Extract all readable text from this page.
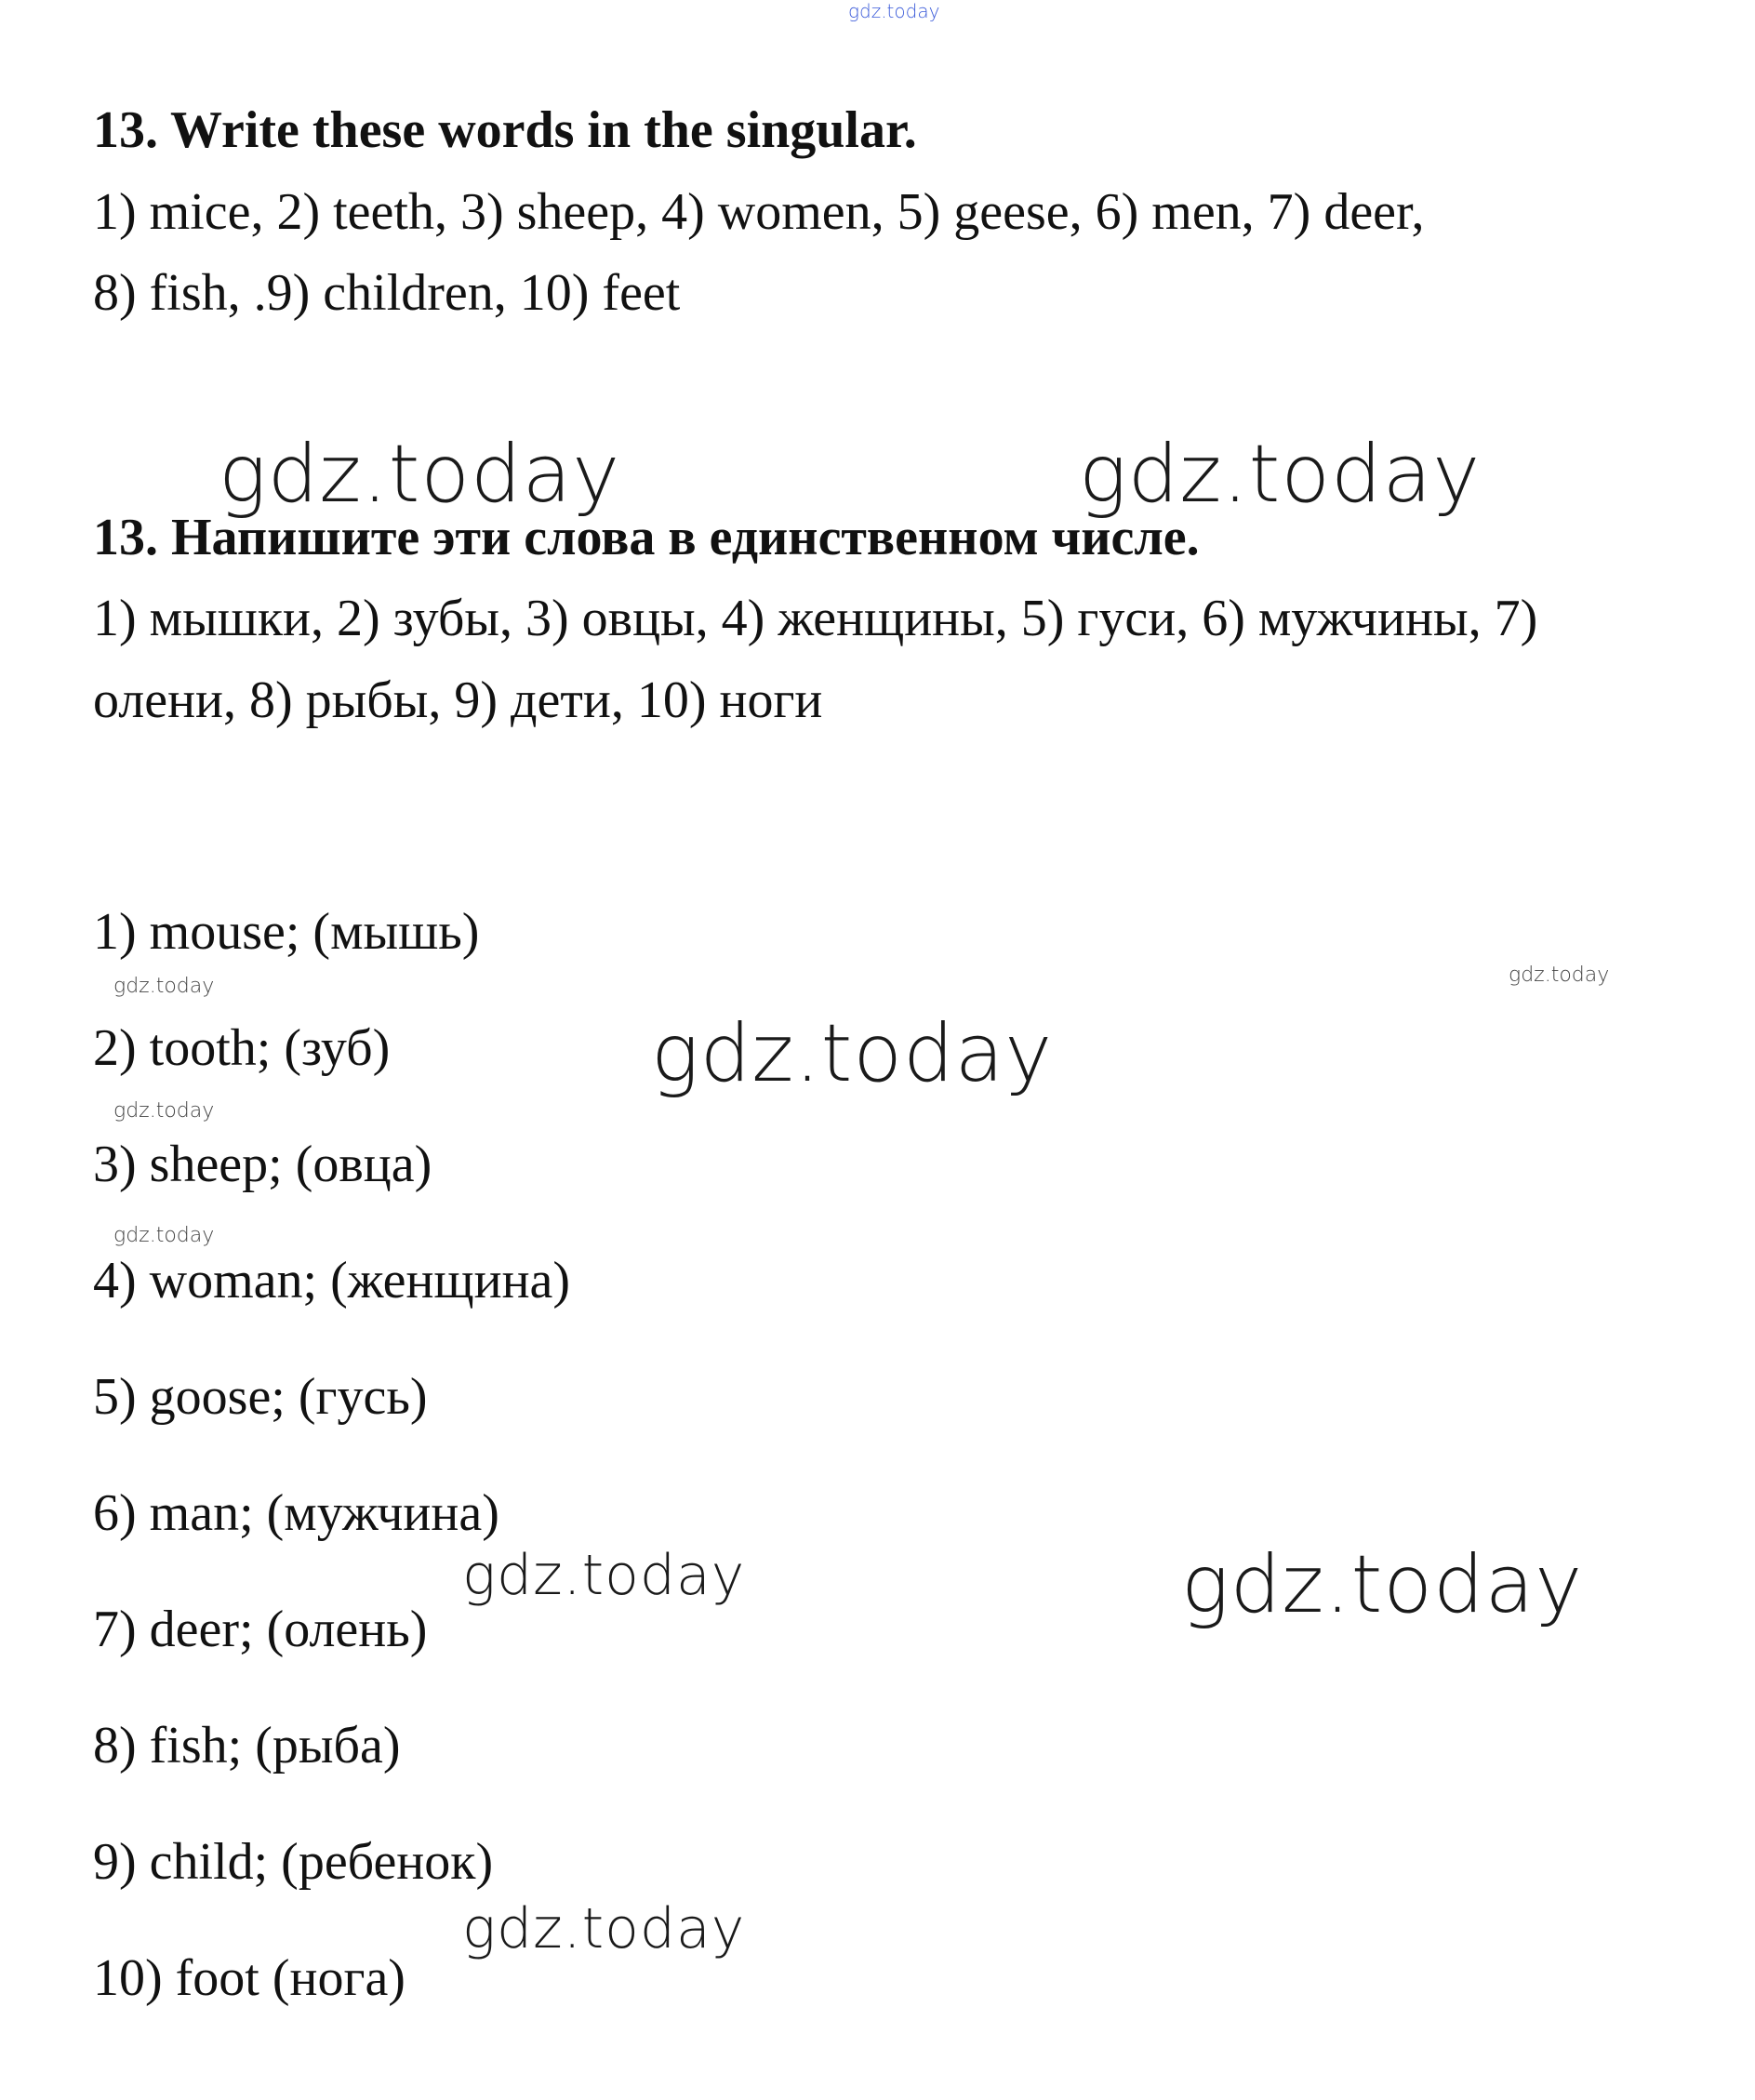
gdz.today
13. Write these words in the singular.
1) mice, 2) teeth, 3) sheep, 4) women, 5) geese, 6) men, 7) deer,
8) fish, .9) children, 10) feet
gdz.today	gdz.today
13. Напишите эти слова в единственном числе.
1) мышки, 2) зубы, 3) овцы, 4) женщины, 5) гуси, 6) мужчины, 7)
олени, 8) рыбы, 9) дети, 10) ноги
1) mouse; (мышь)
gdz.today	gdz.today
2) tooth; (зуб)	gdz.today
gdz.today
3) sheep; (овца)
gdz.today
4) woman; (женщина)
5) goose; (гусь)
6) man; (мужчина)
gdz.today	gdz.today
7) deer; (олень)
8) fish; (рыба)
9) child; (ребенок)
gdz.today
10) foot (нога)
